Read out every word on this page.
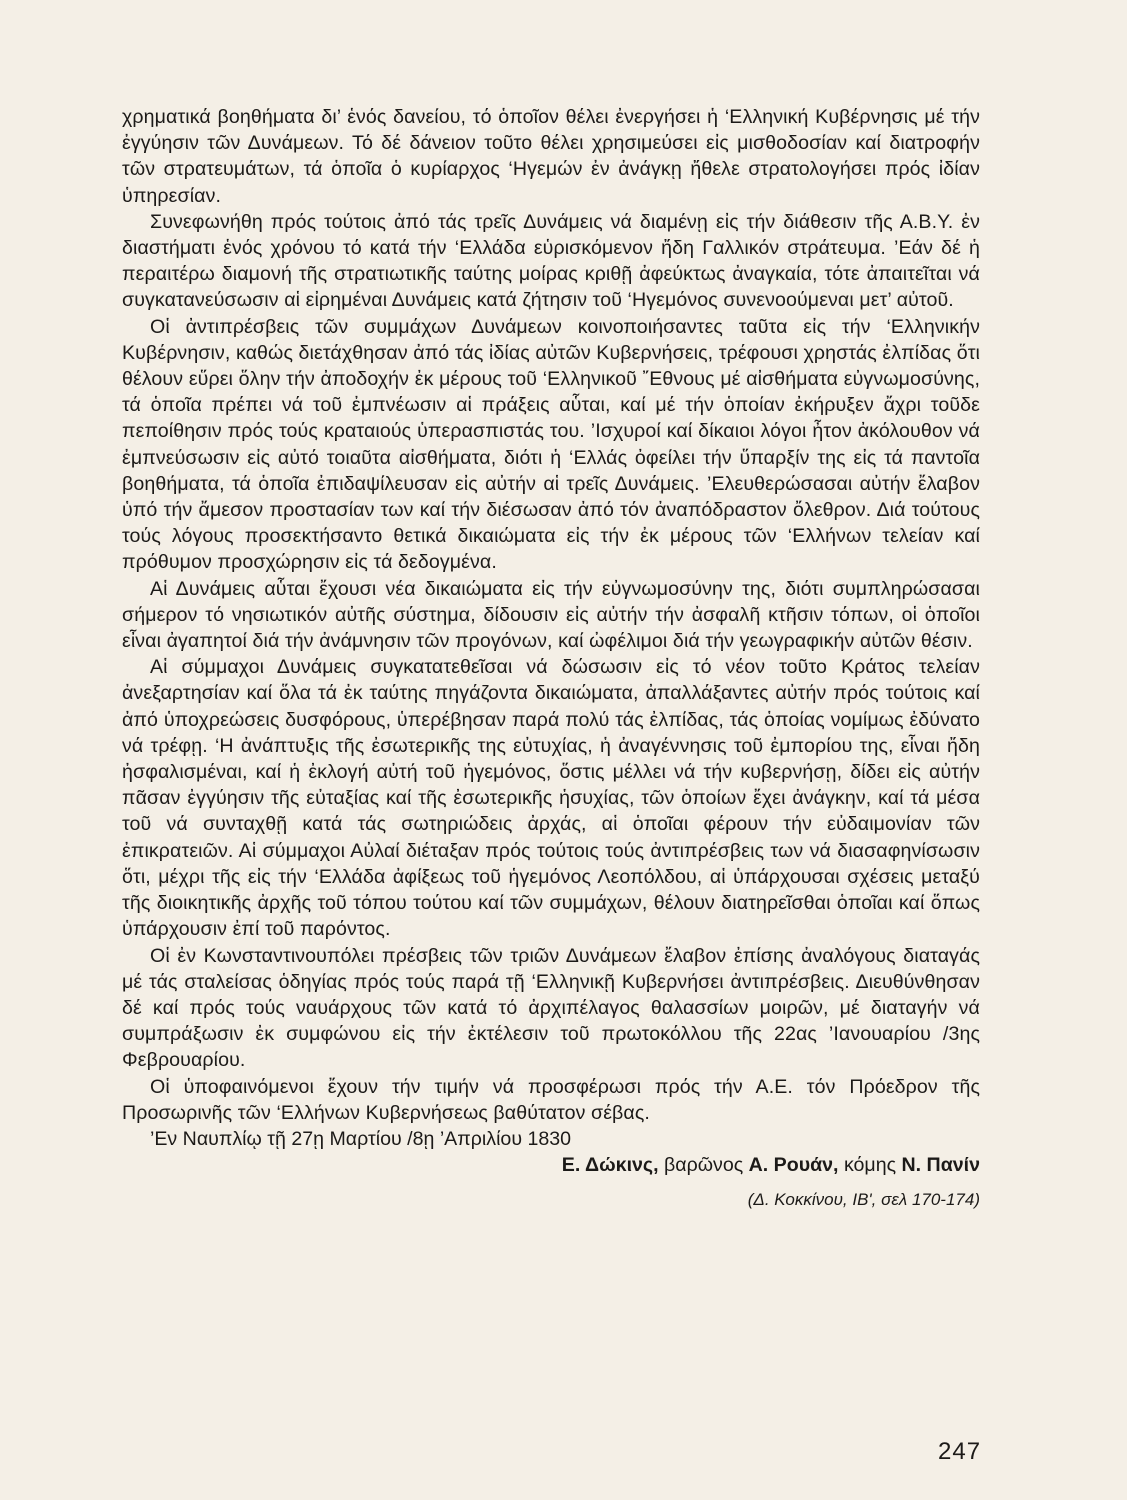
χρηματικά βοηθήματα δι’ ἑνός δανείου, τό ὁποῖον θέλει ἐνεργήσει ἡ ‘Ελληνική Κυβέρνησις μέ τήν ἐγγύησιν τῶν Δυνάμεων. Τό δέ δάνειον τοῦτο θέλει χρησιμεύσει εἰς μισθοδοσίαν καί διατροφήν τῶν στρατευμάτων, τά ὁποῖα ὁ κυρίαρχος ‘Ηγεμών ἐν ἀνάγκῃ ἤθελε στρατολογήσει πρός ἰδίαν ὑπηρεσίαν.

Συνεφωνήθη πρός τούτοις ἀπό τάς τρεῖς Δυνάμεις νά διαμένῃ εἰς τήν διάθεσιν τῆς Α.Β.Υ. ἐν διαστήματι ἑνός χρόνου τό κατά τήν ‘Ελλάδα εὑρισκόμενον ἤδη Γαλλικόν στράτευμα. ’Εάν δέ ἡ περαιτέρω διαμονή τῆς στρατιωτικῆς ταύτης μοίρας κριθῇ ἀφεύκτως ἀναγκαία, τότε ἀπαιτεῖται νά συγκατανεύσωσιν αἱ εἰρημέναι Δυνάμεις κατά ζήτησιν τοῦ ‘Ηγεμόνος συνενοούμεναι μετ’ αὐτοῦ.

Οἱ ἀντιπρέσβεις τῶν συμμάχων Δυνάμεων κοινοποιήσαντες ταῦτα εἰς τήν ‘Ελληνικήν Κυβέρνησιν, καθώς διετάχθησαν ἀπό τάς ἰδίας αὐτῶν Κυβερνήσεις, τρέφουσι χρηστάς ἐλπίδας ὅτι θέλουν εὕρει ὅλην τήν ἀποδοχήν ἐκ μέρους τοῦ ‘Ελληνικοῦ ῎Εθνους μέ αἰσθήματα εὐγνωμοσύνης, τά ὁποῖα πρέπει νά τοῦ ἐμπνέωσιν αἱ πράξεις αὗται, καί μέ τήν ὁποίαν ἐκήρυξεν ἄχρι τοῦδε πεποίθησιν πρός τούς κραταιούς ὑπερασπιστάς του. ’Ισχυροί καί δίκαιοι λόγοι ἦτον ἀκόλουθον νά ἐμπνεύσωσιν εἰς αὐτό τοιαῦτα αἰσθήματα, διότι ἡ ‘Ελλάς ὀφείλει τήν ὕπαρξίν της εἰς τά παντοῖα βοηθήματα, τά ὁποῖα ἐπιδαψίλευσαν εἰς αὐτήν αἱ τρεῖς Δυνάμεις. ’Ελευθερώσασαι αὐτήν ἔλαβον ὑπό τήν ἄμεσον προστασίαν των καί τήν διέσωσαν ἀπό τόν ἀναπόδραστον ὄλεθρον. Διά τούτους τούς λόγους προσεκτήσαντο θετικά δικαιώματα εἰς τήν ἐκ μέρους τῶν ‘Ελλήνων τελείαν καί πρόθυμον προσχώρησιν εἰς τά δεδογμένα.

Αἱ Δυνάμεις αὗται ἔχουσι νέα δικαιώματα εἰς τήν εὐγνωμοσύνην της, διότι συμπληρώσασαι σήμερον τό νησιωτικόν αὐτῆς σύστημα, δίδουσιν εἰς αὐτήν τήν ἀσφαλῆ κτῆσιν τόπων, οἱ ὁποῖοι εἶναι ἀγαπητοί διά τήν ἀνάμνησιν τῶν προγόνων, καί ὠφέλιμοι διά τήν γεωγραφικήν αὐτῶν θέσιν.

Αἱ σύμμαχοι Δυνάμεις συγκατατεθεῖσαι νά δώσωσιν εἰς τό νέον τοῦτο Κράτος τελείαν ἀνεξαρτησίαν καί ὅλα τά ἐκ ταύτης πηγάζοντα δικαιώματα, ἀπαλλάξαντες αὐτήν πρός τούτοις καί ἀπό ὑποχρεώσεις δυσφόρους, ὑπερέβησαν παρά πολύ τάς ἐλπίδας, τάς ὁποίας νομίμως ἐδύνατο νά τρέφῃ. ‘Η ἀνάπτυξις τῆς ἐσωτερικῆς της εὐτυχίας, ἡ ἀναγέννησις τοῦ ἐμπορίου της, εἶναι ἤδη ἠσφαλισμέναι, καί ἡ ἐκλογή αὐτή τοῦ ἡγεμόνος, ὅστις μέλλει νά τήν κυβερνήσῃ, δίδει εἰς αὐτήν πᾶσαν ἐγγύησιν τῆς εὐταξίας καί τῆς ἐσωτερικῆς ἡσυχίας, τῶν ὁποίων ἔχει ἀνάγκην, καί τά μέσα τοῦ νά συνταχθῇ κατά τάς σωτηριώδεις ἀρχάς, αἱ ὁποῖαι φέρουν τήν εὐδαιμονίαν τῶν ἐπικρατειῶν. Αἱ σύμμαχοι Αὐλαί διέταξαν πρός τούτοις τούς ἀντιπρέσβεις των νά διασαφηνίσωσιν ὅτι, μέχρι τῆς εἰς τήν ‘Ελλάδα ἀφίξεως τοῦ ἡγεμόνος Λεοπόλδου, αἱ ὑπάρχουσαι σχέσεις μεταξύ τῆς διοικητικῆς ἀρχῆς τοῦ τόπου τούτου καί τῶν συμμάχων, θέλουν διατηρεῖσθαι ὁποῖαι καί ὅπως ὑπάρχουσιν ἐπί τοῦ παρόντος.

Οἱ ἐν Κωνσταντινουπόλει πρέσβεις τῶν τριῶν Δυνάμεων ἔλαβον ἐπίσης ἀναλόγους διαταγάς μέ τάς σταλείσας ὁδηγίας πρός τούς παρά τῇ ‘Ελληνικῇ Κυβερνήσει ἀντιπρέσβεις. Διευθύνθησαν δέ καί πρός τούς ναυάρχους τῶν κατά τό ἀρχιπέλαγος θαλασσίων μοιρῶν, μέ διαταγήν νά συμπράξωσιν ἐκ συμφώνου εἰς τήν ἐκτέλεσιν τοῦ πρωτοκόλλου τῆς 22ας ’Ιανουαρίου /3ης Φεβρουαρίου.

Οἱ ὑποφαινόμενοι ἔχουν τήν τιμήν νά προσφέρωσι πρός τήν Α.Ε. τόν Πρόεδρον τῆς Προσωρινῆς τῶν ‘Ελλήνων Κυβερνήσεως βαθύτατον σέβας.

’Εν Ναυπλίῳ τῇ 27ῃ Μαρτίου /8ῃ ’Απριλίου 1830

Ε. Δώκινς, βαρῶνος Α. Ρουάν, κόμης Ν. Πανίν

(Δ. Κοκκίνου, ΙΒ', σελ 170-174)
247
